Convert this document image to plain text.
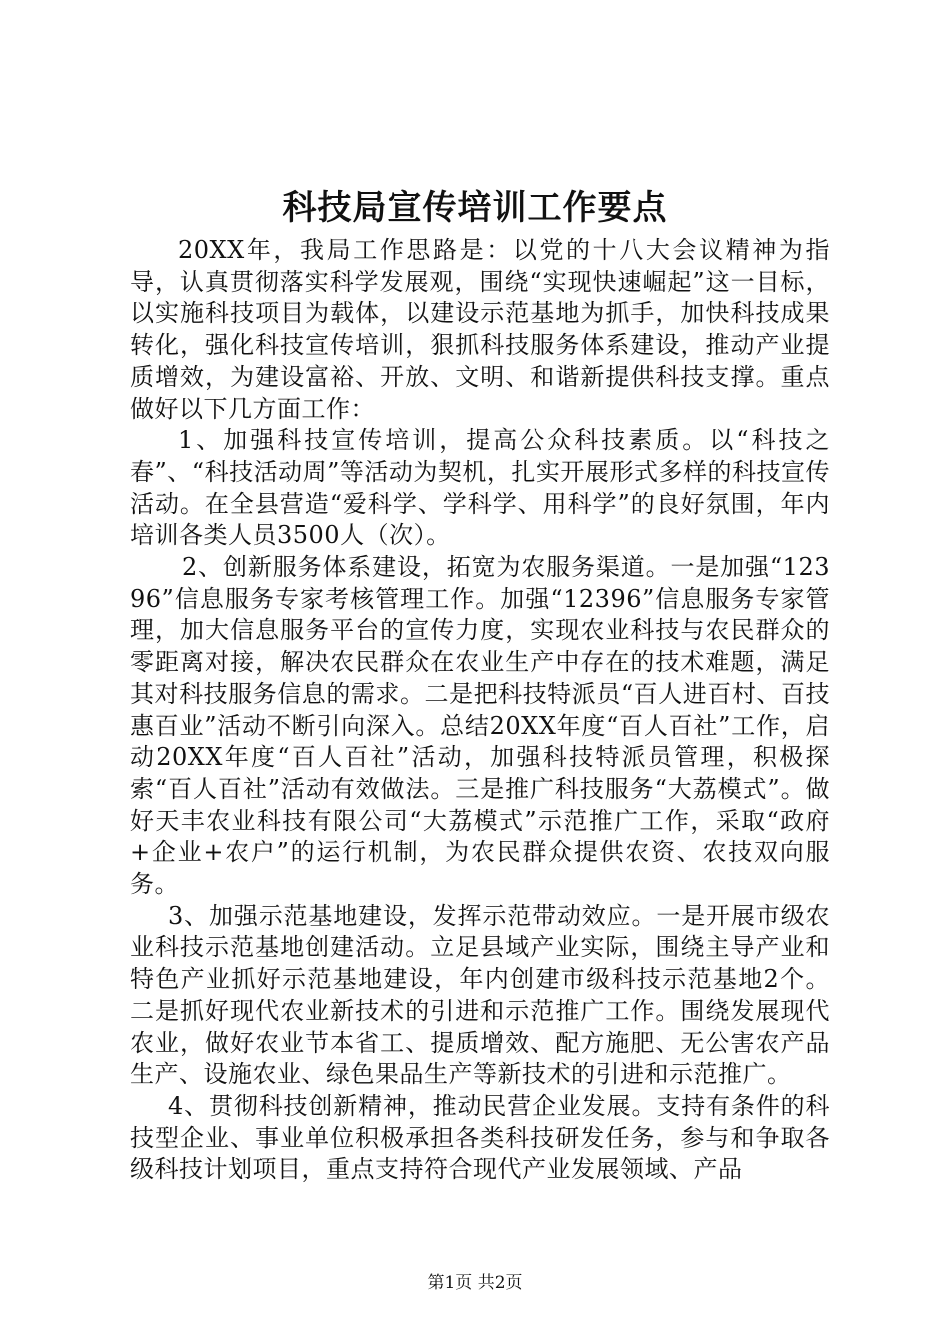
科技局宣传培训工作要点

20XX年，我局工作思路是：以党的十八大会议精神为指导，认真贯彻落实科学发展观，围绕“实现快速崛起”这一目标，以实施科技项目为载体，以建设示范基地为抓手，加快科技成果转化，强化科技宣传培训，狠抓科技服务体系建设，推动产业提质增效，为建设富裕、开放、文明、和谐新提供科技支撑。重点做好以下几方面工作：

1、加强科技宣传培训，提高公众科技素质。以“科技之春”、“科技活动周”等活动为契机，扎实开展形式多样的科技宣传活动。在全县营造“爱科学、学科学、用科学”的良好氛围，年内培训各类人员3500人（次）。

2、创新服务体系建设，拓宽为农服务渠道。一是加强“12396”信息服务专家考核管理工作。加强“12396”信息服务专家管理，加大信息服务平台的宣传力度，实现农业科技与农民群众的零距离对接，解决农民群众在农业生产中存在的技术难题，满足其对科技服务信息的需求。二是把科技特派员“百人进百村、百技惠百业”活动不断引向深入。总结20XX年度“百人百社”工作，启动20XX年度“百人百社”活动，加强科技特派员管理，积极探索“百人百社”活动有效做法。三是推广科技服务“大荔模式”。做好天丰农业科技有限公司“大荔模式”示范推广工作，采取“政府+企业+农户”的运行机制，为农民群众提供农资、农技双向服务。

3、加强示范基地建设，发挥示范带动效应。一是开展市级农业科技示范基地创建活动。立足县域产业实际，围绕主导产业和特色产业抓好示范基地建设，年内创建市级科技示范基地2个。二是抓好现代农业新技术的引进和示范推广工作。围绕发展现代农业，做好农业节本省工、提质增效、配方施肥、无公害农产品生产、设施农业、绿色果品生产等新技术的引进和示范推广。

4、贯彻科技创新精神，推动民营企业发展。支持有条件的科技型企业、事业单位积极承担各类科技研发任务，参与和争取各级科技计划项目，重点支持符合现代产业发展领域、产品

第1页 共2页
